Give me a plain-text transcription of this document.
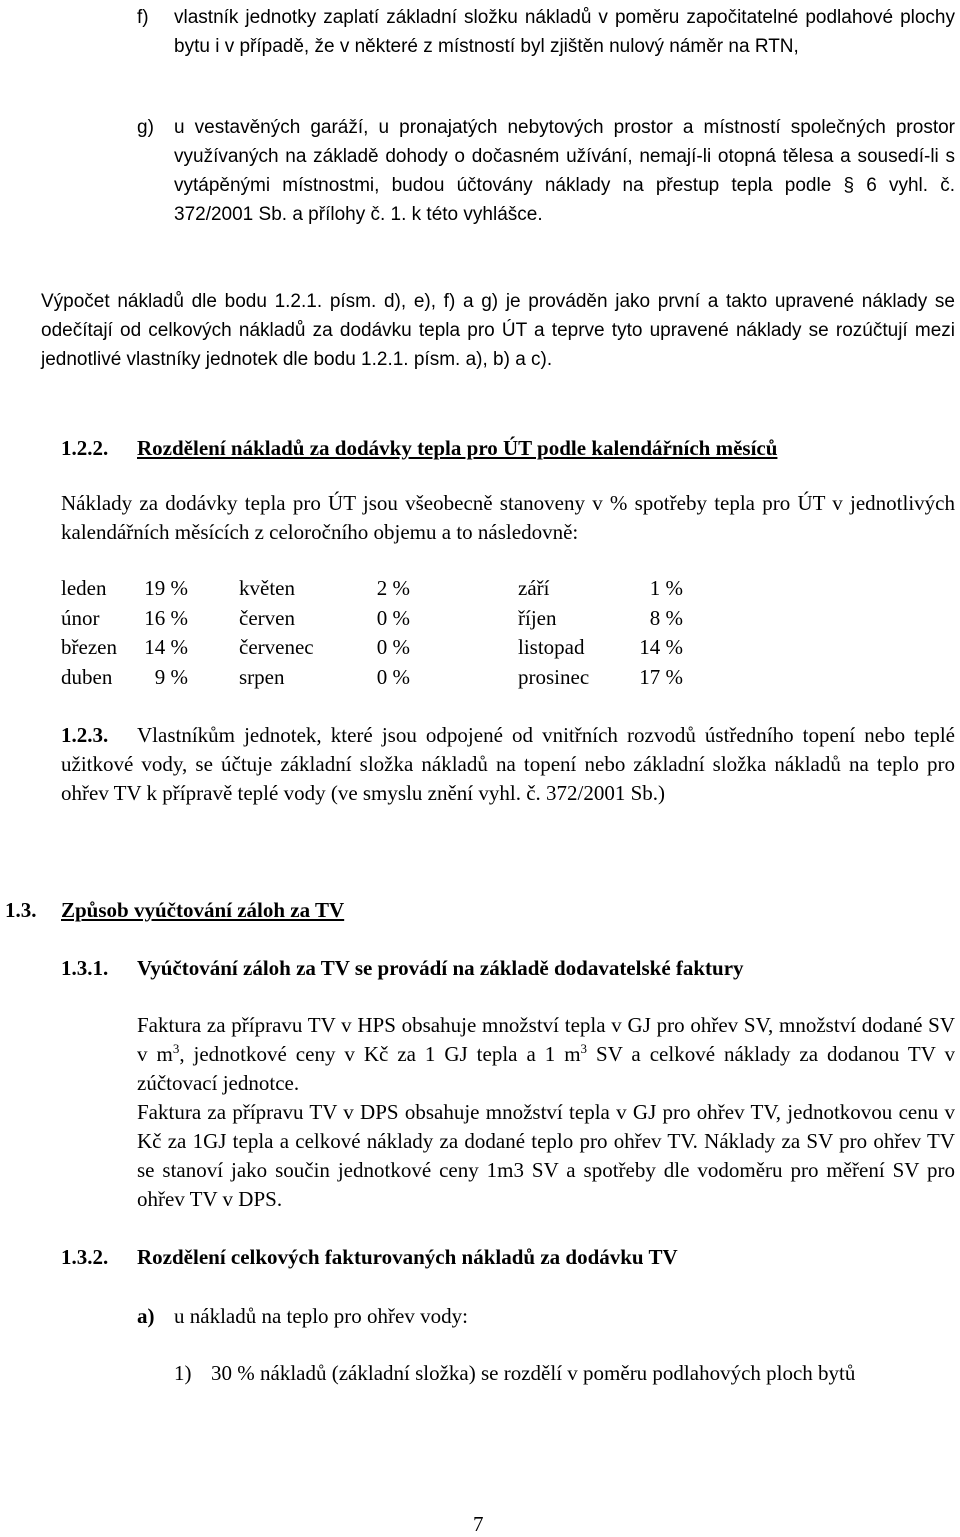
f) vlastník jednotky zaplatí základní složku nákladů v poměru započitatelné podlahové plochy bytu i v případě, že v některé z místností byl zjištěn nulový náměr na RTN,
g) u vestavěných garáží, u pronajatých nebytových prostor a místností společných prostor využívaných na základě dohody o dočasném užívání, nemají-li otopná tělesa a sousedí-li s vytápěnými místnostmi, budou účtovány náklady na přestup tepla podle § 6 vyhl. č. 372/2001 Sb. a přílohy č. 1. k této vyhlášce.
Výpočet nákladů dle bodu 1.2.1. písm. d), e), f) a g) je prováděn jako první a takto upravené náklady se odečítají od celkových nákladů za dodávku tepla pro ÚT a teprve tyto upravené náklady se rozúčtují mezi jednotlivé vlastníky jednotek dle bodu 1.2.1. písm. a), b) a c).
1.2.2. Rozdělení nákladů za dodávky tepla pro ÚT podle kalendářních měsíců
Náklady za dodávky tepla pro ÚT jsou všeobecně stanoveny v % spotřeby tepla pro ÚT v jednotlivých kalendářních měsících z celoročního objemu a to následovně:
leden	19 %	květen	2 %	září	1 %
únor	16 %	červen	0 %	říjen	8 %
březen	14 %	červenec	0 %	listopad	14 %
duben	9 %	srpen	0 %	prosinec	17 %
1.2.3. Vlastníkům jednotek, které jsou odpojené od vnitřních rozvodů ústředního topení nebo teplé užitkové vody, se účtuje základní složka nákladů na topení nebo základní složka nákladů na teplo pro ohřev TV k přípravě teplé vody (ve smyslu znění vyhl. č. 372/2001 Sb.)
1.3. Způsob vyúčtování záloh za TV
1.3.1. Vyúčtování záloh za TV se provádí na základě dodavatelské faktury
Faktura za přípravu TV v HPS obsahuje množství tepla v GJ pro ohřev SV, množství dodané SV v $m^3$, jednotkové ceny v Kč za 1 GJ tepla a 1 $m^3$ SV a celkové náklady za dodanou TV v zúčtovací jednotce.
Faktura za přípravu TV v DPS obsahuje množství tepla v GJ pro ohřev TV, jednotkovou cenu v Kč za 1GJ tepla a celkové náklady za dodané teplo pro ohřev TV. Náklady za SV pro ohřev TV se stanoví jako součin jednotkové ceny 1m3 SV a spotřeby dle vodoměru pro měření SV pro ohřev TV v DPS.
1.3.2. Rozdělení celkových fakturovaných nákladů za dodávku TV
a) u nákladů na teplo pro ohřev vody:
1) 30 % nákladů (základní složka) se rozdělí v poměru podlahových ploch bytů
7
